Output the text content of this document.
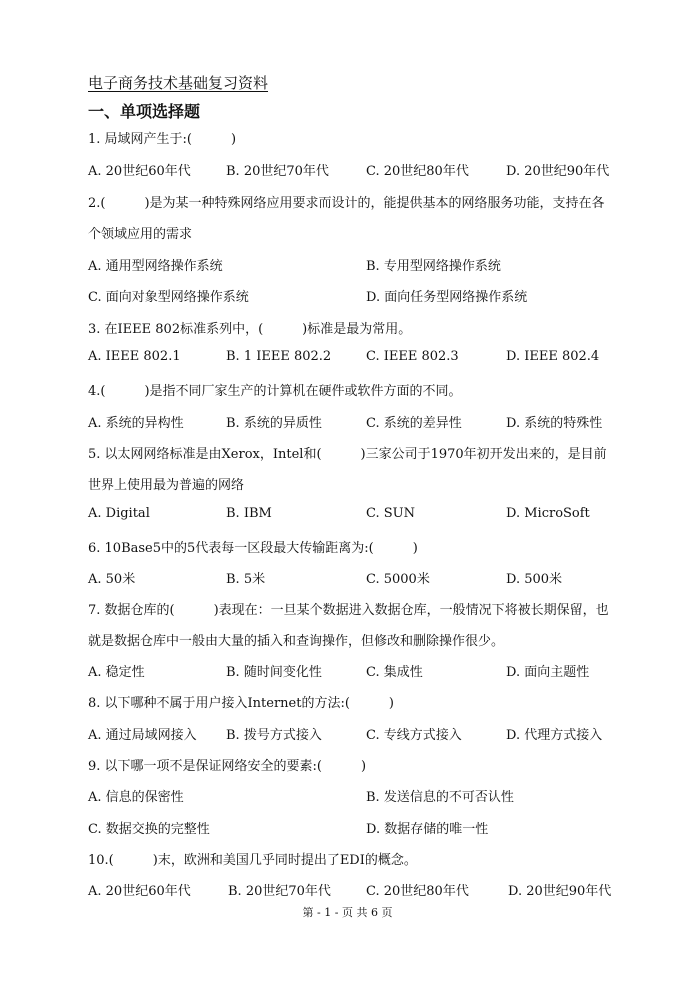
电子商务技术基础复习资料
一、单项选择题
1. 局域网产生于:(　　　)
A. 20世纪60年代	B. 20世纪70年代	C. 20世纪80年代	D. 20世纪90年代
2.(　　　)是为某一种特殊网络应用要求而设计的，能提供基本的网络服务功能，支持在各
个领域应用的需求
A. 通用型网络操作系统	B. 专用型网络操作系统
C. 面向对象型网络操作系统	D. 面向任务型网络操作系统
3. 在IEEE 802标准系列中，(　　　)标准是最为常用。
A. IEEE 802.1	B. 1 IEEE 802.2	C. IEEE 802.3	D. IEEE 802.4
4.(　　　)是指不同厂家生产的计算机在硬件或软件方面的不同。
A. 系统的异构性	B. 系统的异质性	C. 系统的差异性	D. 系统的特殊性
5. 以太网网络标准是由Xerox，Intel和(　　　)三家公司于1970年初开发出来的，是目前
世界上使用最为普遍的网络
A. Digital	B. IBM	C. SUN	D. MicroSoft
6. 10Base5中的5代表每一区段最大传输距离为:(　　　)
A. 50米	B. 5米	C. 5000米	D. 500米
7. 数据仓库的(　　　)表现在：一旦某个数据进入数据仓库，一般情况下将被长期保留，也
就是数据仓库中一般由大量的插入和查询操作，但修改和删除操作很少。
A. 稳定性	B. 随时间变化性	C. 集成性	D. 面向主题性
8. 以下哪种不属于用户接入Internet的方法:(　　　)
A. 通过局域网接入 B. 拨号方式接入	C. 专线方式接入	D. 代理方式接入
9. 以下哪一项不是保证网络安全的要素:(　　　)
A. 信息的保密性	B. 发送信息的不可否认性
C. 数据交换的完整性	D. 数据存储的唯一性
10.(　　　)末，欧洲和美国几乎同时提出了EDI的概念。
A. 20世纪60年代	B. 20世纪70年代	C. 20世纪80年代	D. 20世纪90年代
第 - 1 - 页 共 6 页
